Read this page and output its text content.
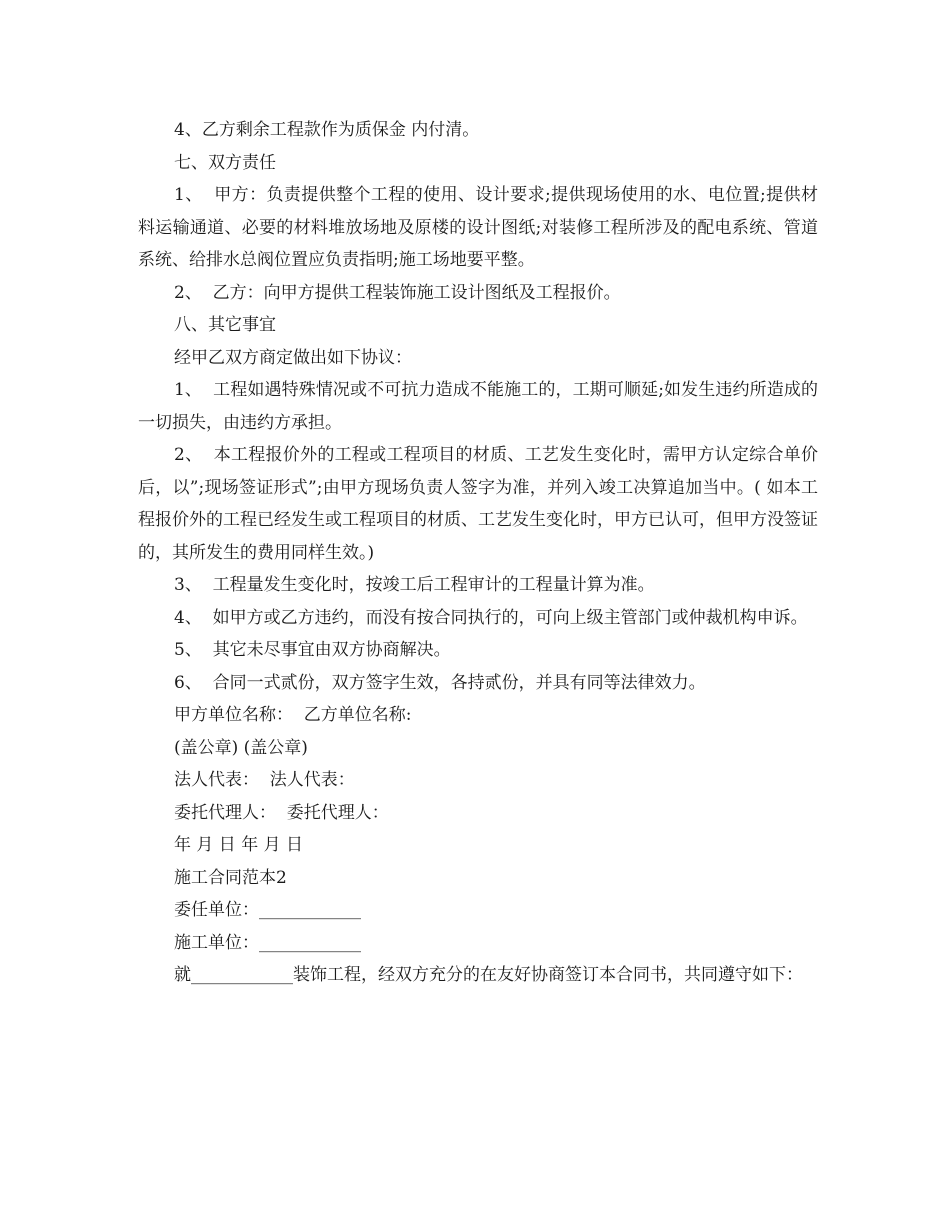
4、乙方剩余工程款作为质保金 内付清。

七、双方责任

1、  甲方：负责提供整个工程的使用、设计要求;提供现场使用的水、电位置;提供材料运输通道、必要的材料堆放场地及原楼的设计图纸;对装修工程所涉及的配电系统、管道系统、给排水总阀位置应负责指明;施工场地要平整。

2、  乙方：向甲方提供工程装饰施工设计图纸及工程报价。

八、其它事宜

经甲乙双方商定做出如下协议：

1、  工程如遇特殊情况或不可抗力造成不能施工的，工期可顺延;如发生违约所造成的一切损失，由违约方承担。

2、  本工程报价外的工程或工程项目的材质、工艺发生变化时，需甲方认定综合单价后，以”;现场签证形式”;由甲方现场负责人签字为准，并列入竣工决算追加当中。( 如本工程报价外的工程已经发生或工程项目的材质、工艺发生变化时，甲方已认可，但甲方没签证的，其所发生的费用同样生效。)

3、  工程量发生变化时，按竣工后工程审计的工程量计算为准。

4、  如甲方或乙方违约，而没有按合同执行的，可向上级主管部门或仲裁机构申诉。

5、  其它未尽事宜由双方协商解决。

6、  合同一式贰份，双方签字生效，各持贰份，并具有同等法律效力。

甲方单位名称：  乙方单位名称:

(盖公章) (盖公章)

法人代表：  法人代表：

委托代理人：  委托代理人：

年 月 日 年 月 日

施工合同范本2

委任单位：____________

施工单位：____________

就____________装饰工程，经双方充分的在友好协商签订本合同书，共同遵守如下：
